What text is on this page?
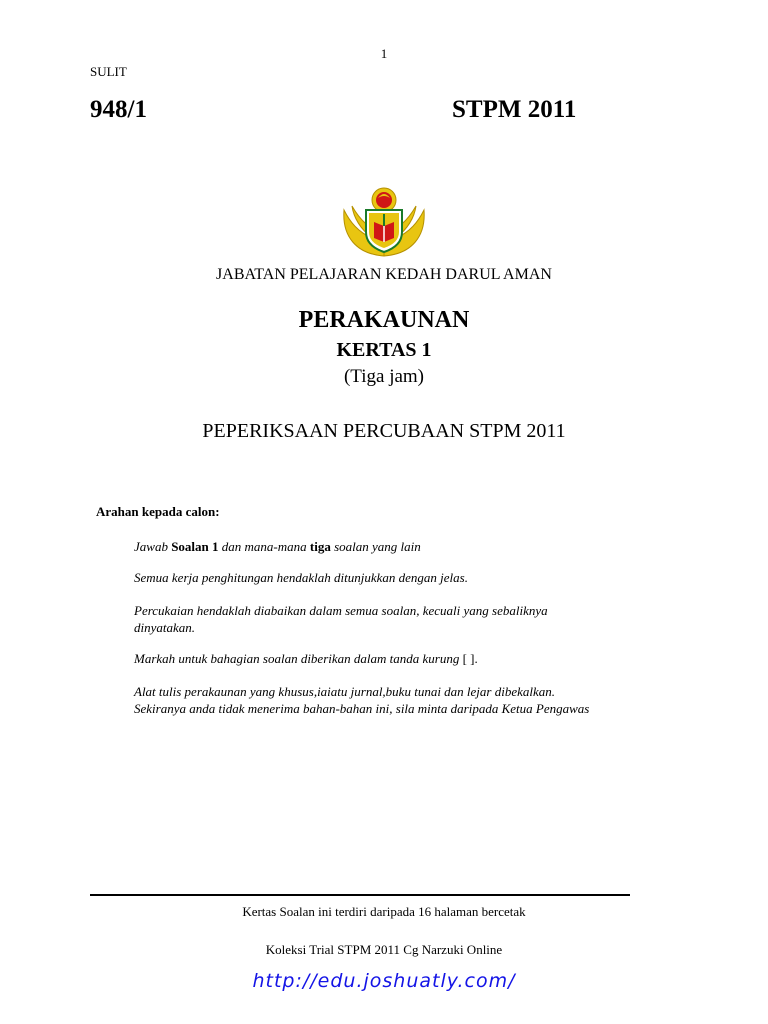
1
SULIT
948/1	STPM 2011
JABATAN PELAJARAN KEDAH DARUL AMAN
PERAKAUNAN
KERTAS 1
(Tiga jam)
PEPERIKSAAN PERCUBAAN STPM 2011
Arahan kepada calon:
Jawab Soalan 1 dan mana-mana tiga soalan yang lain
Semua kerja penghitungan hendaklah ditunjukkan dengan jelas.
Percukaian hendaklah diabaikan dalam semua soalan, kecuali yang sebaliknya dinyatakan.
Markah untuk bahagian soalan diberikan dalam tanda kurung [ ].
Alat tulis perakaunan yang khusus,iaiatu jurnal,buku tunai dan lejar dibekalkan. Sekiranya anda tidak menerima bahan-bahan ini, sila minta daripada Ketua Pengawas
Kertas Soalan ini terdiri daripada 16 halaman bercetak
Koleksi Trial STPM 2011 Cg Narzuki Online
http://edu.joshuatly.com/
